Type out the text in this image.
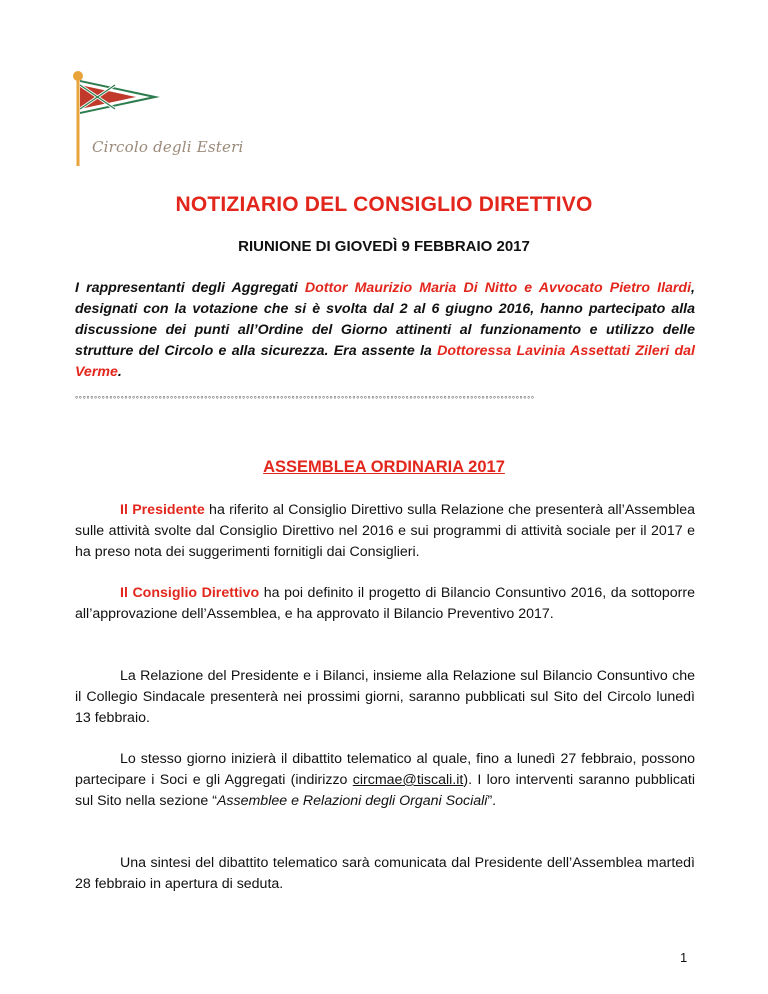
Circolo degli Esteri
NOTIZIARIO DEL CONSIGLIO DIRETTIVO
RIUNIONE DI GIOVEDÌ 9 FEBBRAIO 2017

I rappresentanti degli Aggregati Dottor Maurizio Maria Di Nitto e Avvocato Pietro Ilardi, designati con la votazione che si è svolta dal 2 al 6 giugno 2016, hanno partecipato alla discussione dei punti all’Ordine del Giorno attinenti al funzionamento e utilizzo delle strutture del Circolo e alla sicurezza. Era assente la Dottoressa Lavinia Assettati Zileri dal Verme.

°°°°°°°°°°°°°°°°°°°°°°°°°°°°°°°°°°°°°°°°°°°°°°°°°°°°°°°°°°°°°°°°°°°°°°°°°°°°°°°°°°°°°°°°°°°°°°°°°°°°°°°°°°°°°°°°°°°°°°°°°
ASSEMBLEA ORDINARIA 2017

Il Presidente ha riferito al Consiglio Direttivo sulla Relazione che presenterà all’Assemblea sulle attività svolte dal Consiglio Direttivo nel 2016 e sui programmi di attività sociale per il 2017 e ha preso nota dei suggerimenti fornitigli dai Consiglieri.

Il Consiglio Direttivo ha poi definito il progetto di Bilancio Consuntivo 2016, da sottoporre all’approvazione dell’Assemblea, e ha approvato il Bilancio Preventivo 2017.

La Relazione del Presidente e i Bilanci, insieme alla Relazione sul Bilancio Consuntivo che il Collegio Sindacale presenterà nei prossimi giorni, saranno pubblicati sul Sito del Circolo lunedì 13 febbraio.

Lo stesso giorno inizierà il dibattito telematico al quale, fino a lunedì 27 febbraio, possono partecipare i Soci e gli Aggregati (indirizzo circmae@tiscali.it). I loro interventi saranno pubblicati sul Sito nella sezione “Assemblee e Relazioni degli Organi Sociali”.

Una sintesi del dibattito telematico sarà comunicata dal Presidente dell’Assemblea martedì 28 febbraio in apertura di seduta.

1
